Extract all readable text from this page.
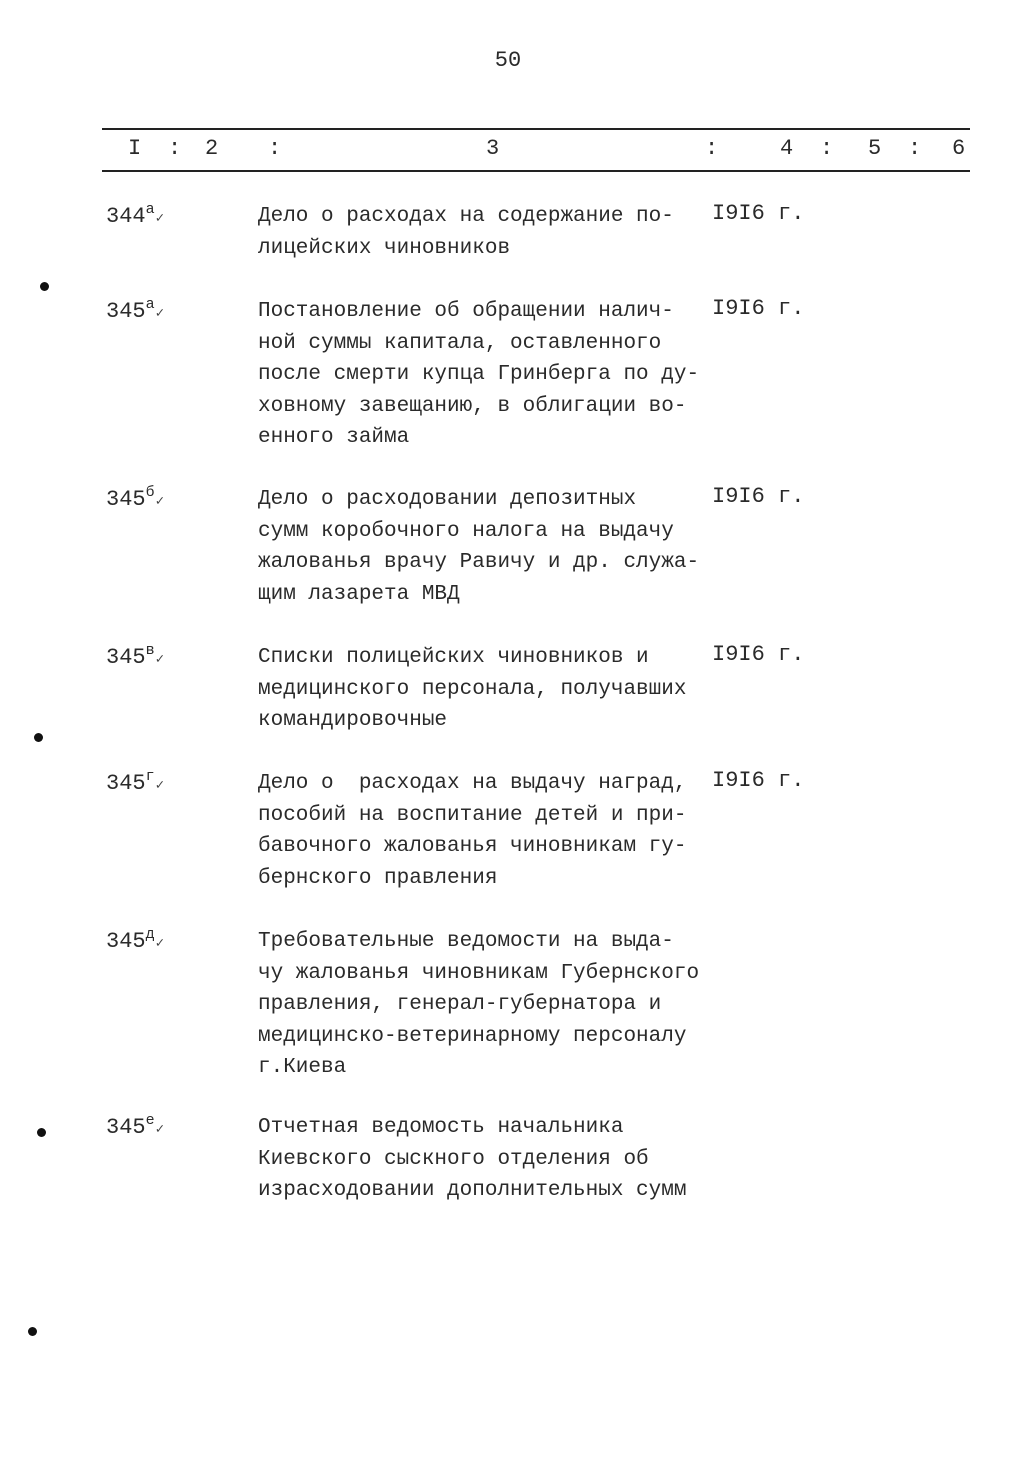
50
I : 2 :	3	:	4 : 5 : 6
$344^а✓$	Дело о расходах на содержание по-
лицейских чиновников
I9I6 г.
$345^а✓$	Постановление об обращении налич-
ной суммы капитала, оставленного
после смерти купца Гринберга по ду-
ховному завещанию, в облигации во-
енного займа
I9I6 г.
$345^б✓$	Дело о расходовании депозитных
сумм коробочного налога на выдачу
жалованья врачу Равичу и др. служа-
щим лазарета МВД
I9I6 г.
$345^в✓$	Списки полицейских чиновников и
медицинского персонала, получавших
командировочные
I9I6 г.
$345^г✓$	Дело о  расходах на выдачу наград,
пособий на воспитание детей и при-
бавочного жалованья чиновникам гу-
бернского правления
I9I6 г.
$345^д✓$	Требовательные ведомости на выда-
чу жалованья чиновникам Губернского
правления, генерал-губернатора и
медицинско-ветеринарному персоналу
г.Киева
$345^е✓$	Отчетная ведомость начальника
Киевского сыскного отделения об
израсходовании дополнительных сумм
